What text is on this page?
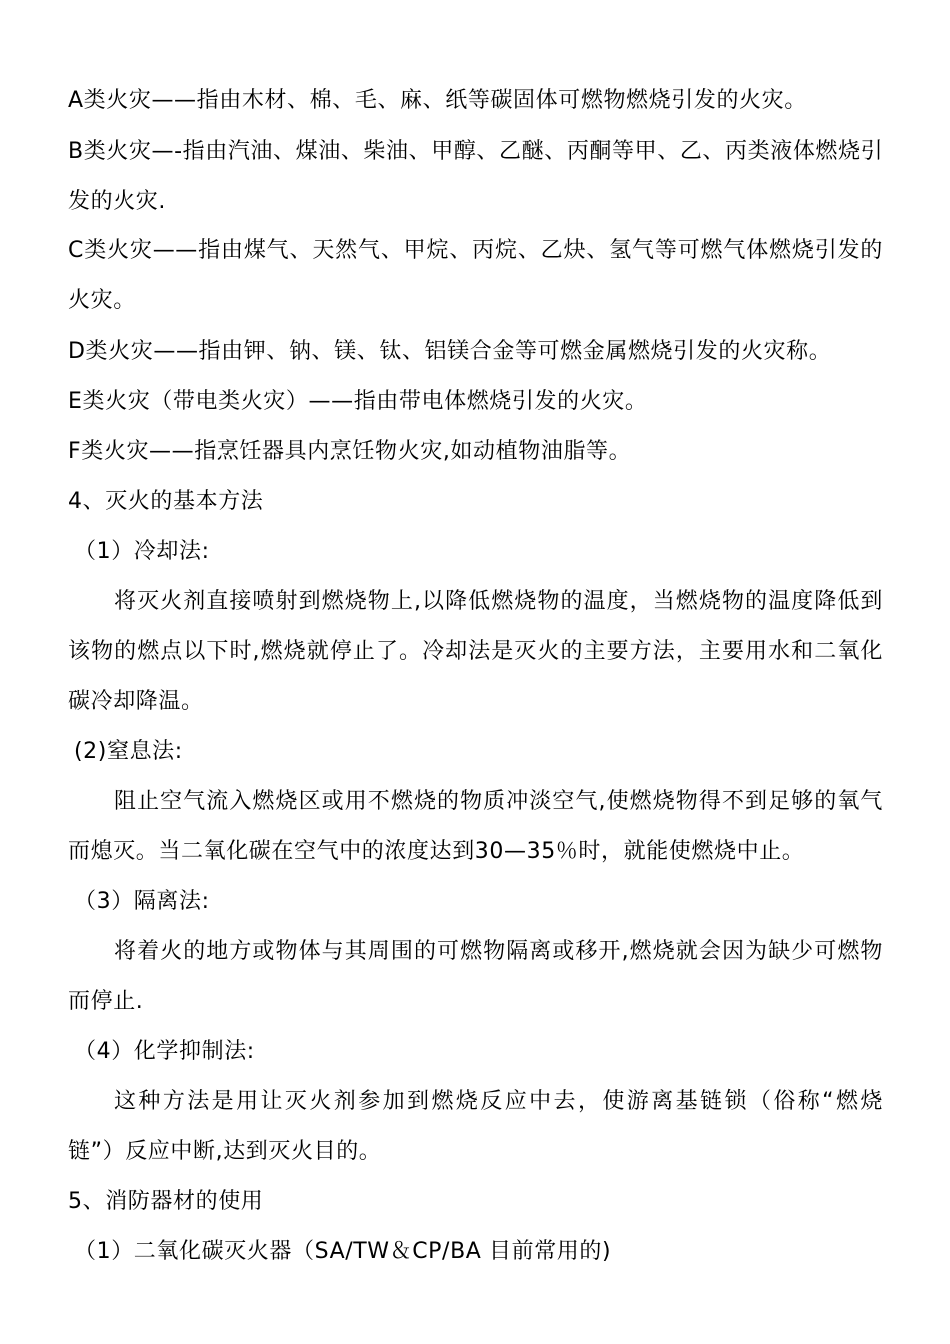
A类火灾——指由木材、棉、毛、麻、纸等碳固体可燃物燃烧引发的火灾。
B类火灾—-指由汽油、煤油、柴油、甲醇、乙醚、丙酮等甲、乙、丙类液体燃烧引
发的火灾.
C类火灾——指由煤气、天然气、甲烷、丙烷、乙炔、氢气等可燃气体燃烧引发的
火灾。
D类火灾——指由钾、钠、镁、钛、铝镁合金等可燃金属燃烧引发的火灾称。
E类火灾（带电类火灾）——指由带电体燃烧引发的火灾。
F类火灾——指烹饪器具内烹饪物火灾,如动植物油脂等。
4、灭火的基本方法
（1）冷却法:
将灭火剂直接喷射到燃烧物上,以降低燃烧物的温度，当燃烧物的温度降低到
该物的燃点以下时,燃烧就停止了。冷却法是灭火的主要方法，主要用水和二氧化
碳冷却降温。
(2)窒息法:
阻止空气流入燃烧区或用不燃烧的物质冲淡空气,使燃烧物得不到足够的氧气
而熄灭。当二氧化碳在空气中的浓度达到30—35％时，就能使燃烧中止。
（3）隔离法:
将着火的地方或物体与其周围的可燃物隔离或移开,燃烧就会因为缺少可燃物
而停止.
（4）化学抑制法:
这种方法是用让灭火剂参加到燃烧反应中去，使游离基链锁（俗称“燃烧
链”）反应中断,达到灭火目的。
5、消防器材的使用
（1）二氧化碳灭火器（SA/TW＆CP/BA 目前常用的)
